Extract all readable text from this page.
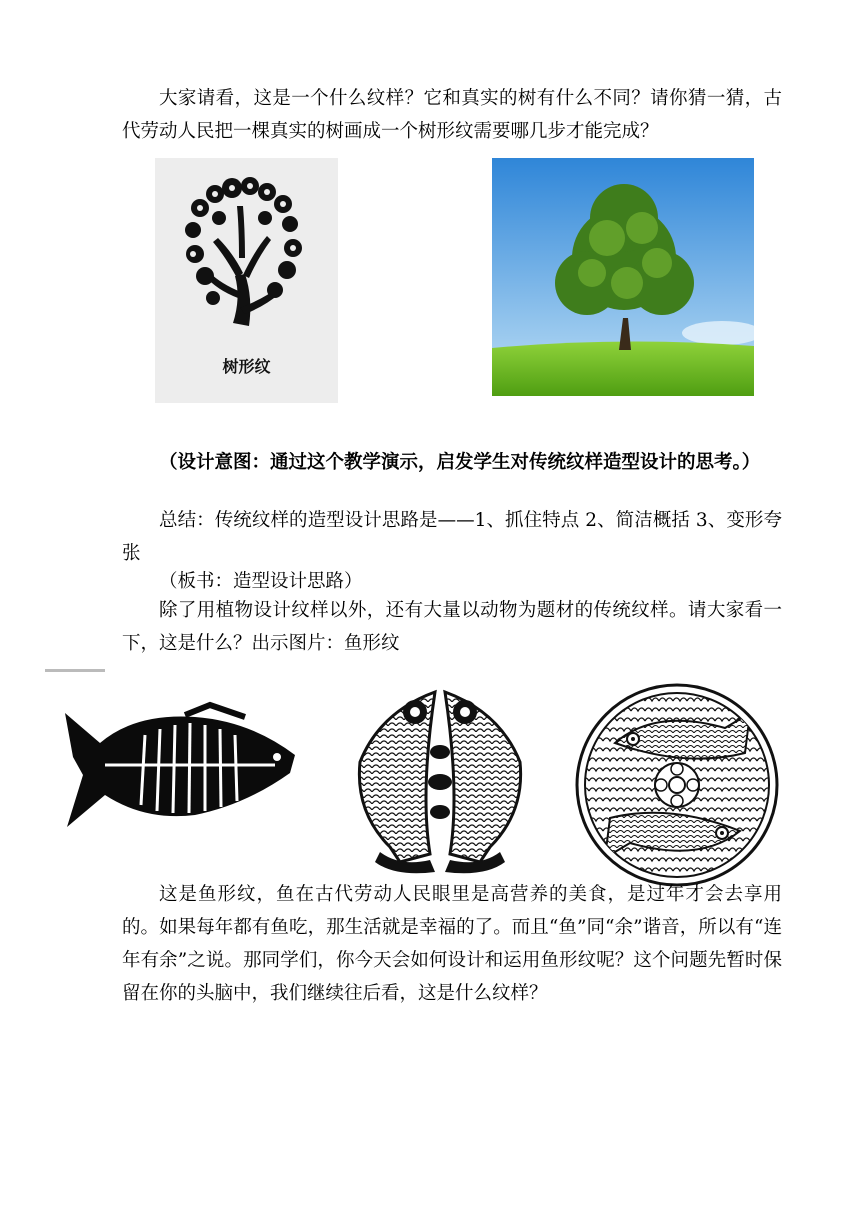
大家请看，这是一个什么纹样？它和真实的树有什么不同？请你猜一猜，古代劳动人民把一棵真实的树画成一个树形纹需要哪几步才能完成？

树形纹

（设计意图：通过这个教学演示，启发学生对传统纹样造型设计的思考。）

总结：传统纹样的造型设计思路是——1、抓住特点 2、简洁概括 3、变形夸张

（板书：造型设计思路）

除了用植物设计纹样以外，还有大量以动物为题材的传统纹样。请大家看一下，这是什么？出示图片：鱼形纹

这是鱼形纹，鱼在古代劳动人民眼里是高营养的美食，是过年才会去享用的。如果每年都有鱼吃，那生活就是幸福的了。而且“鱼”同“余”谐音，所以有“连年有余”之说。那同学们，你今天会如何设计和运用鱼形纹呢？这个问题先暂时保留在你的头脑中，我们继续往后看，这是什么纹样？
